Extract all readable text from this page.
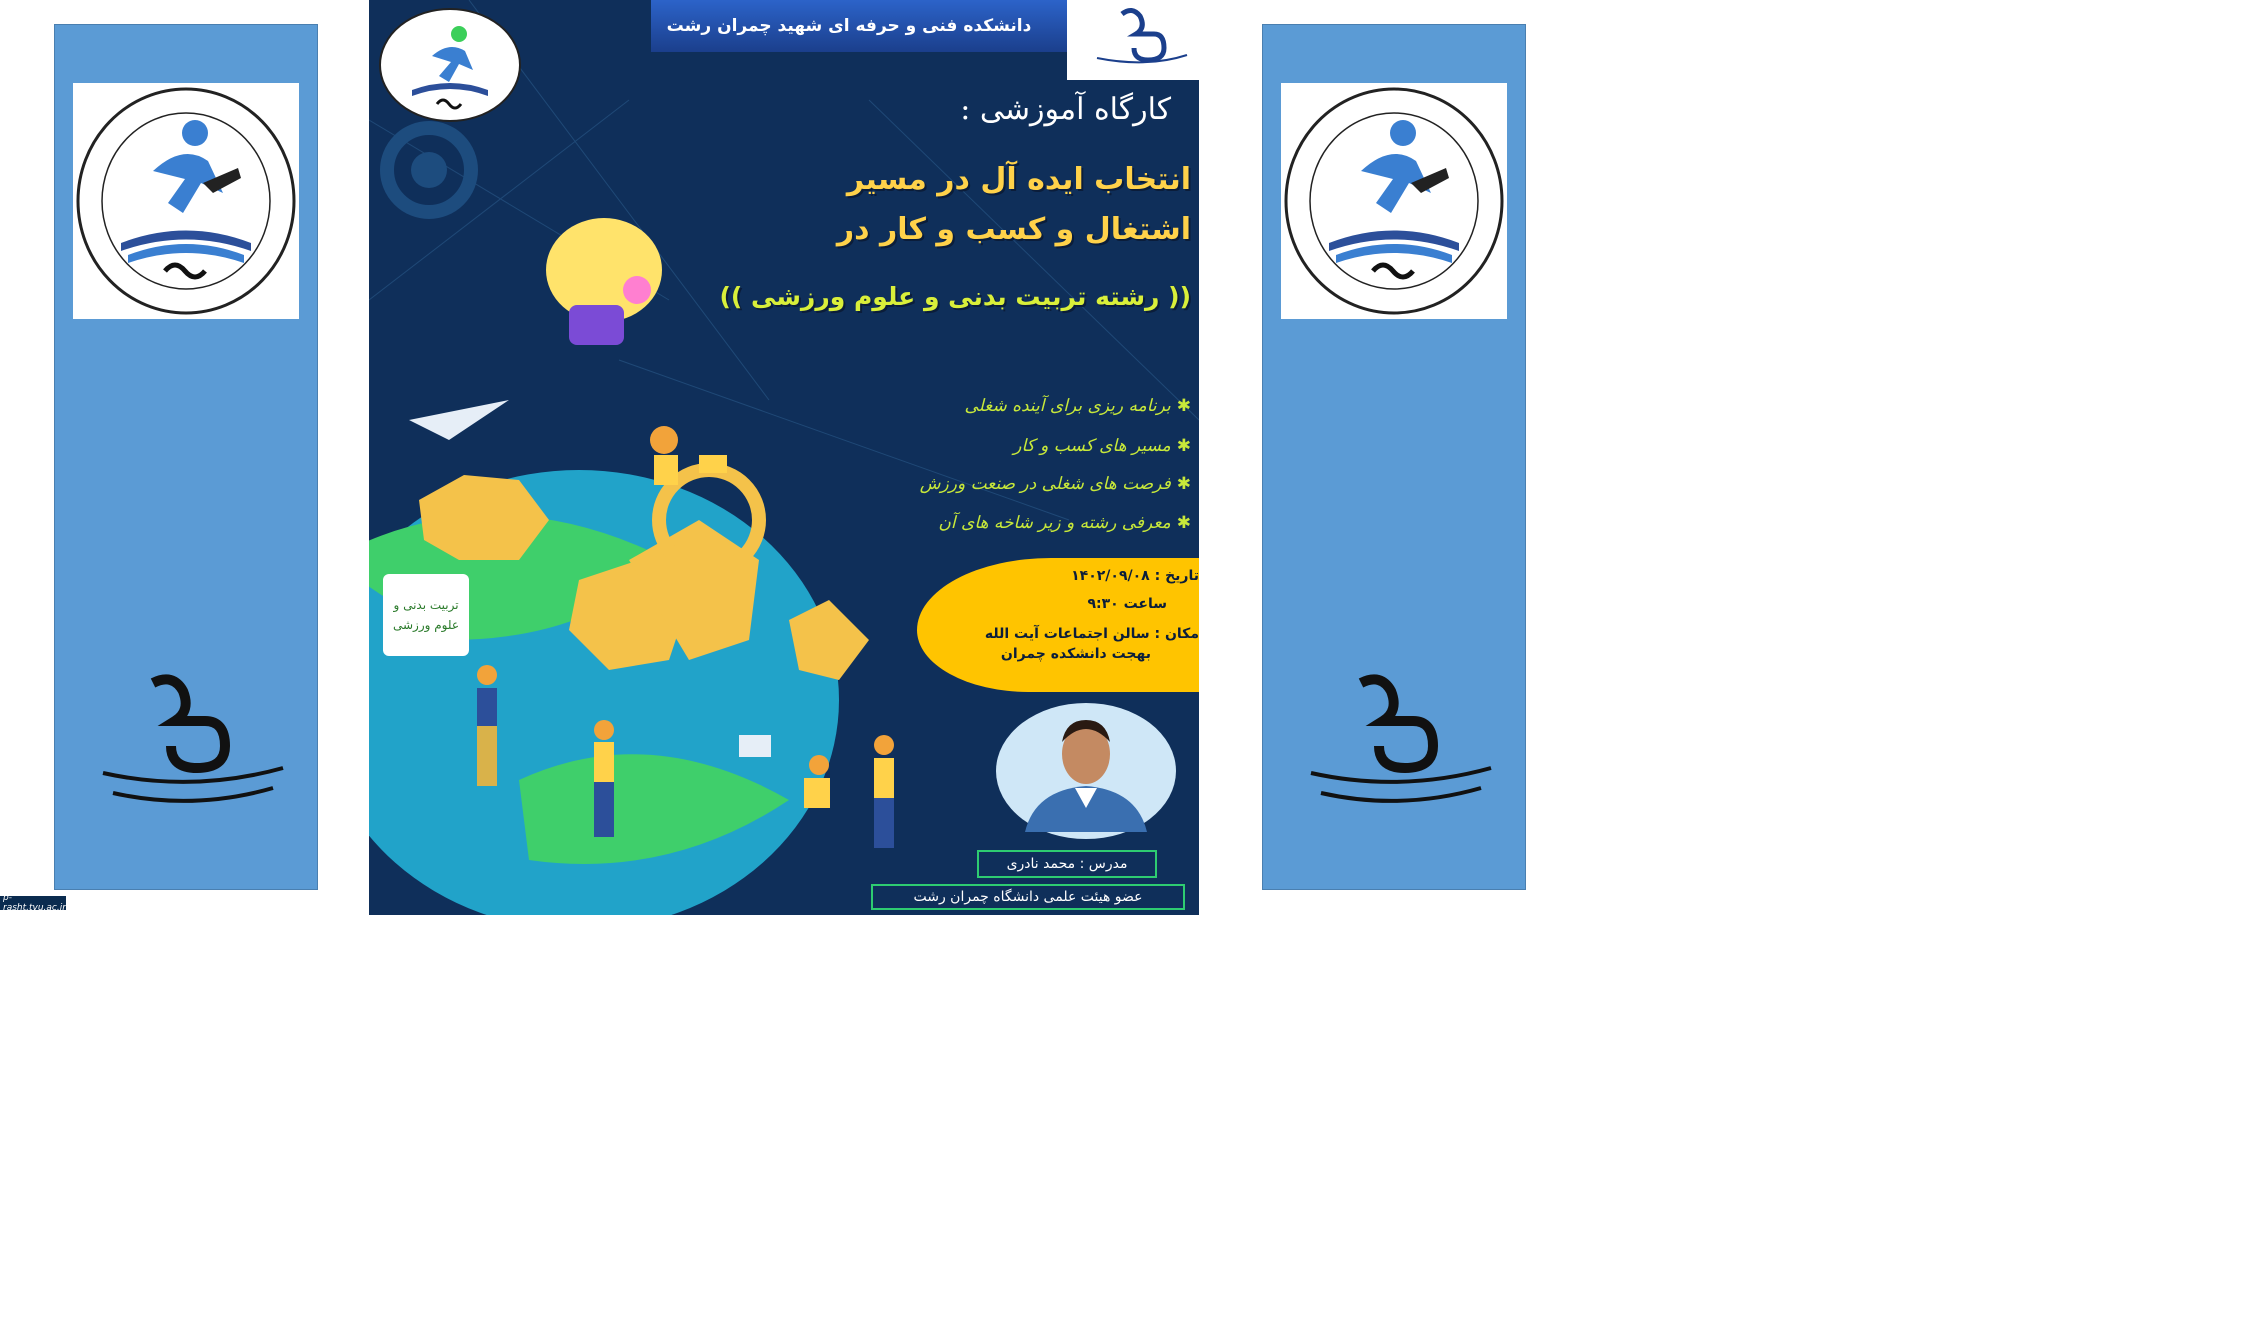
دانشکده فنی و حرفه ای شهید چمران رشت
کارگاه آموزشی :
انتخاب ایده آل در مسیر
اشتغال و کسب و کار در
(( رشته تربیت بدنی و علوم ورزشی ))
✱برنامه ریزی برای آینده شغلی
✱مسیر های کسب و کار
✱فرصت های شغلی در صنعت ورزش
✱معرفی رشته و زیر شاخه های آن
تاریخ : ۱۴۰۲/۰۹/۰۸
ساعت ۹:۳۰
مکان : سالن اجتماعات آیت الله
بهجت دانشکده چمران
تربیت بدنی و
علوم ورزشی
مدرس : محمد نادری
عضو هیئت علمی دانشگاه چمران رشت
p-rasht.tvu.ac.ir
